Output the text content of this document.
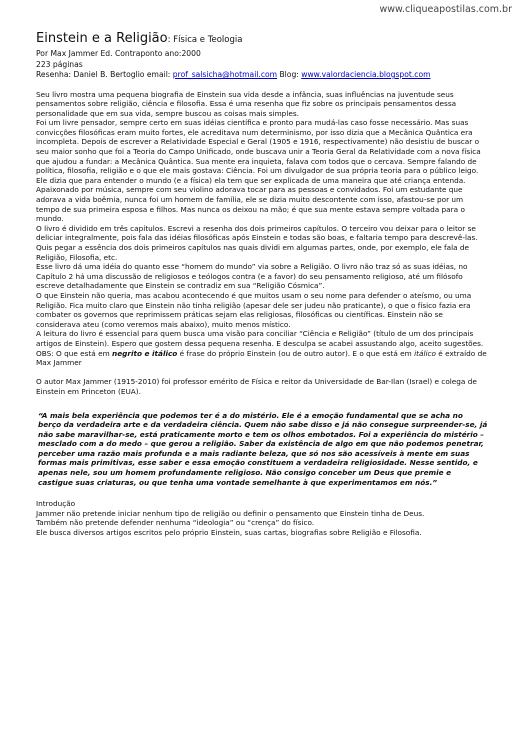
www.cliqueapostilas.com.br
Einstein e a Religião: Física e Teologia
Por Max Jammer Ed. Contraponto ano:2000
223 páginas
Resenha: Daniel B. Bertoglio email: prof_salsicha@hotmail.com Blog: www.valordaciencia.blogspot.com

Seu livro mostra uma pequena biografia de Einstein sua vida desde a infância, suas influências na juventude seus pensamentos sobre religião, ciência e filosofia. Essa é uma resenha que fiz sobre os principais pensamentos dessa personalidade que em sua vida, sempre buscou as coisas mais simples.

Foi um livre pensador, sempre certo em suas idéias científica e pronto para mudá-las caso fosse necessário. Mas suas convicções filosóficas eram muito fortes, ele acreditava num determinismo, por isso dizia que a Mecânica Quântica era incompleta. Depois de escrever a Relatividade Especial e Geral (1905 e 1916, respectivamente) não desistiu de buscar o seu maior sonho que foi a Teoria do Campo Unificado, onde buscava unir a Teoria Geral da Relatividade com a nova física que ajudou a fundar: a Mecânica Quântica. Sua mente era inquieta, falava com todos que o cercava. Sempre falando de política, filosofia, religião e o que ele mais gostava: Ciência. Foi um divulgador de sua própria teoria para o público leigo. Ele dizia que para entender o mundo (e a física) ela tem que ser explicada de uma maneira que até criança entenda. Apaixonado por música, sempre com seu violino adorava tocar para as pessoas e convidados. Foi um estudante que adorava a vida boêmia, nunca foi um homem de família, ele se dizia muito descontente com isso, afastou-se por um tempo de sua primeira esposa e filhos. Mas nunca os deixou na mão; é que sua mente estava sempre voltada para o mundo.

O livro é dividido em três capítulos. Escrevi a resenha dos dois primeiros capítulos. O terceiro vou deixar para o leitor se deliciar integralmente, pois fala das idéias filosóficas após Einstein e todas são boas, e faltaria tempo para descrevê-las. Quis pegar a essência dos dois primeiros capítulos nas quais dividi em algumas partes, onde, por exemplo, ele fala de Religião, Filosofia, etc.

Esse livro dá uma idéia do quanto esse “homem do mundo” via sobre a Religião. O livro não traz só as suas idéias, no Capítulo 2 há uma discussão de religiosos e teólogos contra (e a favor) do seu pensamento religioso, até um filósofo escreve detalhadamente que Einstein se contradiz em sua “Religião Cósmica”.

O que Einstein não queria, mas acabou acontecendo é que muitos usam o seu nome para defender o ateísmo, ou uma Religião. Fica muito claro que Einstein não tinha religião (apesar dele ser judeu não praticante), o que o físico fazia era combater os governos que reprimissem práticas sejam elas religiosas, filosóficas ou científicas. Einstein não se considerava ateu (como veremos mais abaixo), muito menos místico.

A leitura do livro é essencial para quem busca uma visão para conciliar “Ciência e Religião” (título de um dos principais artigos de Einstein). Espero que gostem dessa pequena resenha. E desculpa se acabei assustando algo, aceito sugestões.

OBS: O que está em negrito e itálico é frase do próprio Einstein (ou de outro autor). E o que está em itálico é extraído de Max Jammer

O autor Max Jammer (1915-2010) foi professor emérito de Física e reitor da Universidade de Bar-Ilan (Israel) e colega de Einstein em Princeton (EUA).

“A mais bela experiência que podemos ter é a do mistério. Ele é a emoção fundamental que se acha no berço da verdadeira arte e da verdadeira ciência. Quem não sabe disso e já não consegue surpreender-se, já não sabe maravilhar-se, está praticamente morto e tem os olhos embotados. Foi a experiência do mistério – mesclado com a do medo – que gerou a religião. Saber da existência de algo em que não podemos penetrar, perceber uma razão mais profunda e a mais radiante beleza, que só nos são acessíveis à mente em suas formas mais primitivas, esse saber e essa emoção constituem a verdadeira religiosidade. Nesse sentido, e apenas nele, sou um homem profundamente religioso. Não consigo conceber um Deus que premie e castigue suas criaturas, ou que tenha uma vontade semelhante à que experimentamos em nós.”

Introdução

Jammer não pretende iniciar nenhum tipo de religião ou definir o pensamento que Einstein tinha de Deus.

Também não pretende defender nenhuma “ideologia” ou “crença” do físico.

Ele busca diversos artigos escritos pelo próprio Einstein, suas cartas, biografias sobre Religião e Filosofia.
